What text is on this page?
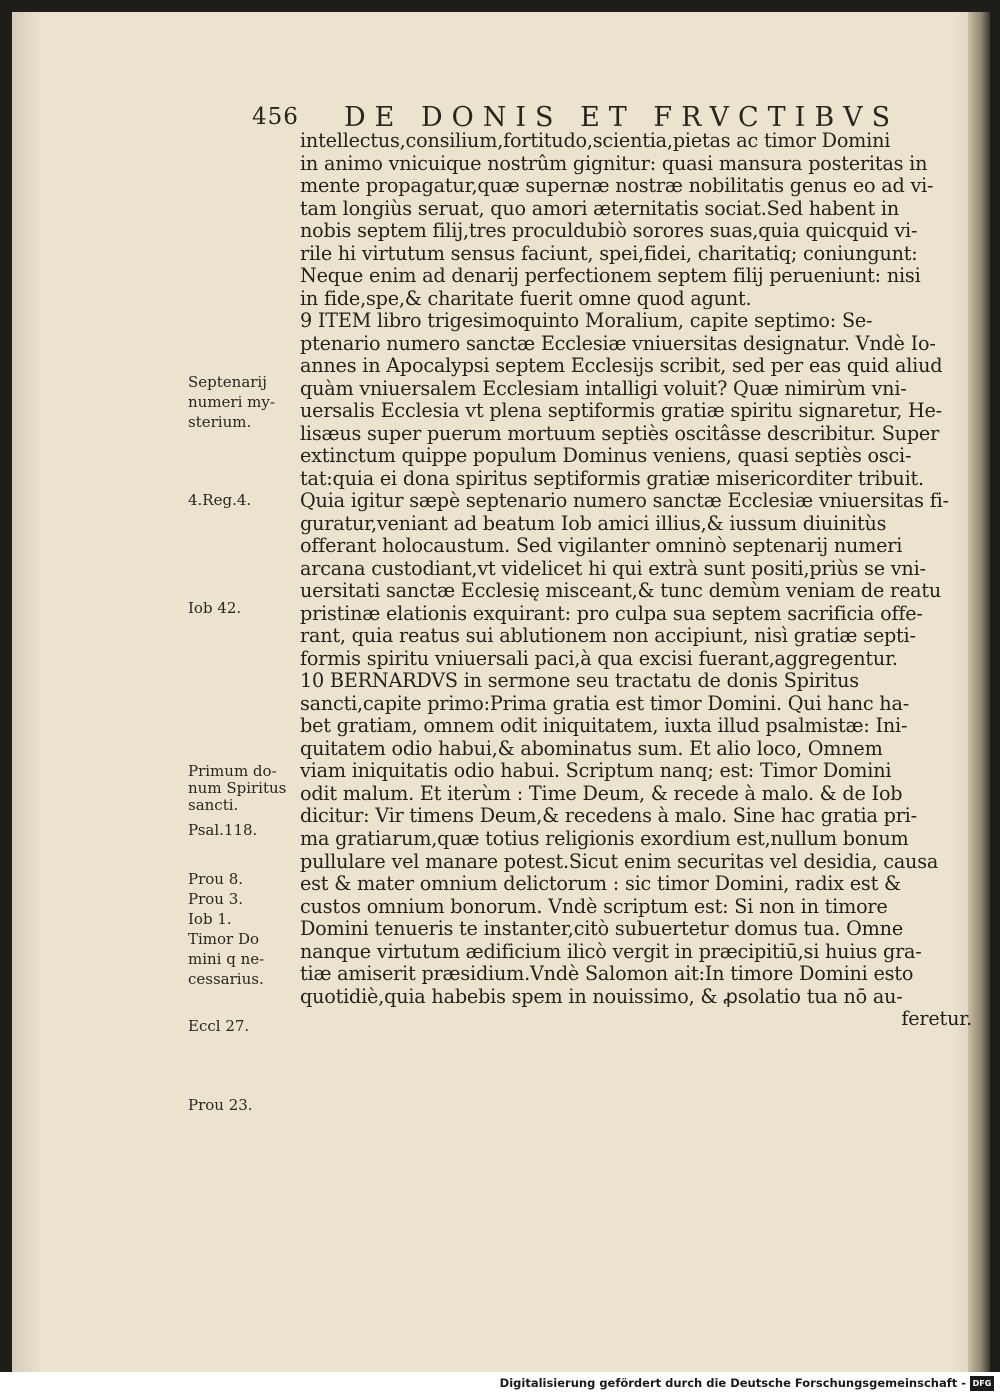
456 DE DONIS ET FRVCTIBVS
intellectus,consilium,fortitudo,scientia,pietas ac timor Domini
in animo vnicuique nostrûm gignitur: quasi mansura posteritas in
mente propagatur,quæ supernæ nostræ nobilitatis genus eo ad vi-
tam longiùs seruat, quo amori æternitatis sociat.Sed habent in
nobis septem filij,tres proculdubiò sorores suas,quia quicquid vi-
rile hi virtutum sensus faciunt, spei,fidei, charitatiq; coniungunt:
Neque enim ad denarij perfectionem septem filij perueniunt: nisi
in fide,spe,& charitate fuerit omne quod agunt.
9 ITEM libro trigesimoquinto Moralium, capite septimo: Se-
ptenario numero sanctæ Ecclesiæ vniuersitas designatur. Vndè Io-
annes in Apocalypsi septem Ecclesijs scribit, sed per eas quid aliud
quàm vniuersalem Ecclesiam intalligi voluit? Quæ nimirùm vni-
uersalis Ecclesia vt plena septiformis gratiæ spiritu signaretur, He-
lisæus super puerum mortuum septiès oscitâsse describitur. Super
extinctum quippe populum Dominus veniens, quasi septiès osci-
tat:quia ei dona spiritus septiformis gratiæ misericorditer tribuit.
Quia igitur sæpè septenario numero sanctæ Ecclesiæ vniuersitas fi-
guratur,veniant ad beatum Iob amici illius,& iussum diuinitùs
offerant holocaustum. Sed vigilanter omninò septenarij numeri
arcana custodiant,vt videlicet hi qui extrà sunt positi,priùs se vni-
uersitati sanctæ Ecclesię misceant,& tunc demùm veniam de reatu
pristinæ elationis exquirant: pro culpa sua septem sacrificia offe-
rant, quia reatus sui ablutionem non accipiunt, nisì gratiæ septi-
formis spiritu vniuersali paci,à qua excisi fuerant,aggregentur.
10 BERNARDVS in sermone seu tractatu de donis Spiritus
sancti,capite primo:Prima gratia est timor Domini. Qui hanc ha-
bet gratiam, omnem odit iniquitatem, iuxta illud psalmistæ: Ini-
quitatem odio habui,& abominatus sum. Et alio loco, Omnem
viam iniquitatis odio habui. Scriptum nanq; est: Timor Domini
odit malum. Et iterùm : Time Deum, & recede à malo. & de Iob
dicitur: Vir timens Deum,& recedens à malo. Sine hac gratia pri-
ma gratiarum,quæ totius religionis exordium est,nullum bonum
pullulare vel manare potest.Sicut enim securitas vel desidia, causa
est & mater omnium delictorum : sic timor Domini, radix est &
custos omnium bonorum. Vndè scriptum est: Si non in timore
Domini tenueris te instanter,citò subuertetur domus tua. Omne
nanque virtutum ædificium ilicò vergit in præcipitiū,si huius gra-
tiæ amiserit præsidium.Vndè Salomon ait:In timore Domini esto
quotidiè,quia habebis spem in nouissimo, & ꝓsolatio tua nō au-
feretur.
Septenarij
numeri my-
sterium.
4.Reg.4.
Iob 42.
Primum do-
num Spiritus
sancti.
Psal.118.
Prou 8.
Prou 3.
Iob 1.
Timor Do
mini q ne-
cessarius.
Eccl 27.
Prou 23.
Digitalisierung gefördert durch die Deutsche Forschungsgemeinschaft - DFG
